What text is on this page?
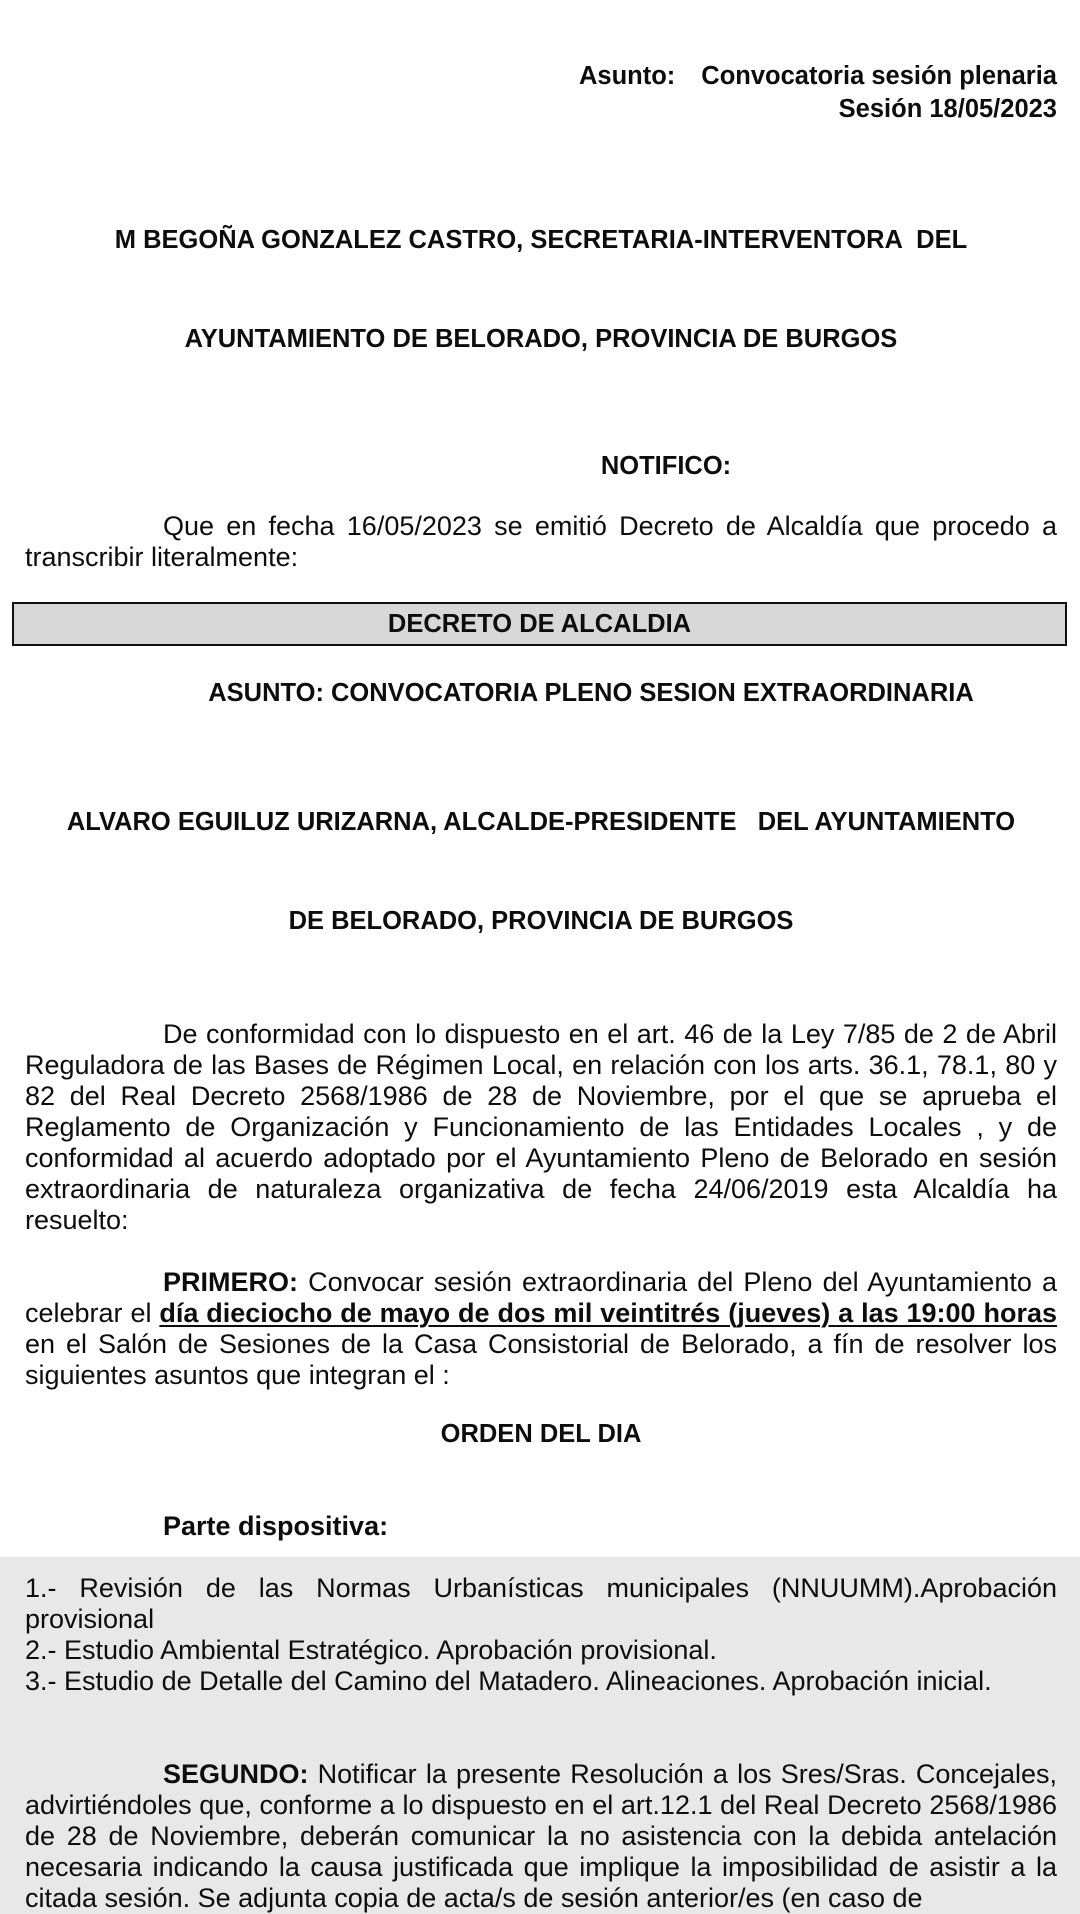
Asunto: Convocatoria sesión plenaria
Sesión 18/05/2023

M BEGOÑA GONZALEZ CASTRO, SECRETARIA-INTERVENTORA  DEL

AYUNTAMIENTO DE BELORADO, PROVINCIA DE BURGOS

NOTIFICO:
Que en fecha 16/05/2023 se emitió Decreto de Alcaldía que procedo a transcribir literalmente:
DECRETO DE ALCALDIA
ASUNTO: CONVOCATORIA PLENO SESION EXTRAORDINARIA

ALVARO EGUILUZ URIZARNA, ALCALDE-PRESIDENTE   DEL AYUNTAMIENTO

DE BELORADO, PROVINCIA DE BURGOS

De conformidad con lo dispuesto en el art. 46 de la Ley 7/85 de 2 de Abril Reguladora de las Bases de Régimen Local, en relación con los arts. 36.1, 78.1, 80 y 82 del Real Decreto 2568/1986 de 28 de Noviembre, por el que se aprueba el Reglamento de Organización y Funcionamiento de las Entidades Locales , y de conformidad al acuerdo adoptado por el Ayuntamiento Pleno de Belorado en sesión extraordinaria de naturaleza organizativa de fecha 24/06/2019 esta Alcaldía ha resuelto:
PRIMERO: Convocar sesión extraordinaria del Pleno del Ayuntamiento a celebrar el día dieciocho de mayo de dos mil veintitrés (jueves) a las 19:00 horas en el Salón de Sesiones de la Casa Consistorial de Belorado, a fín de resolver los siguientes asuntos que integran el :
ORDEN DEL DIA
Parte dispositiva:
1.- Revisión de las Normas Urbanísticas municipales (NNUUMM).Aprobación provisional
2.- Estudio Ambiental Estratégico. Aprobación provisional.
3.- Estudio de Detalle del Camino del Matadero. Alineaciones. Aprobación inicial.
SEGUNDO: Notificar la presente Resolución a los Sres/Sras. Concejales, advirtiéndoles que, conforme a lo dispuesto en el art.12.1 del Real Decreto 2568/1986 de 28 de Noviembre, deberán comunicar la no asistencia con la debida antelación necesaria indicando la causa justificada que implique la imposibilidad de asistir a la citada sesión. Se adjunta copia de acta/s de sesión anterior/es (en caso de
